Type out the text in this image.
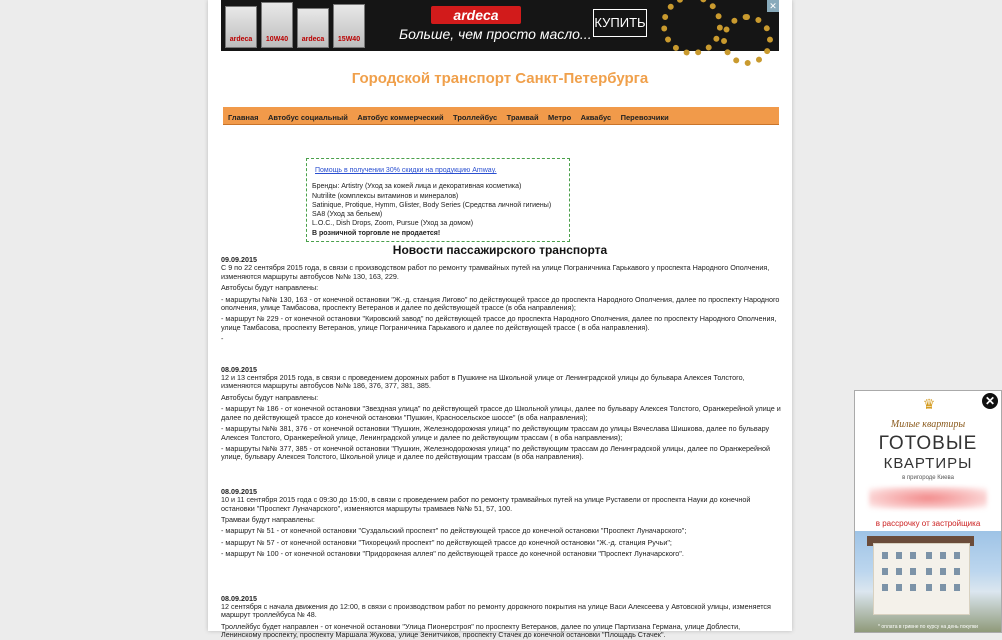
ardeca	10W40	ardeca	15W40
ardeca
Больше, чем просто масло...
КУПИТЬ
✕
Городской транспорт Санкт-Петербурга
Главная Автобус социальный Автобус коммерческий Троллейбус Трамвай Метро Аквабус Перевозчики
Помощь в получении 30% скидки на продукцию Amway.
Бренды: Artistry (Уход за кожей лица и декоративная косметика)
Nutrilite (комплексы витаминов и минералов)
Satinique, Protique, Hymm, Glister, Body Series (Средства личной гигиены)
SA8 (Уход за бельем)
L.O.C., Dish Drops, Zoom, Pursue (Уход за домом)
В розничной торговле не продается!
Новости пассажирского транспорта

09.09.2015

С 9 по 22 сентября 2015 года, в связи с производством работ по ремонту трамвайных путей на улице Пограничника Гарькавого у проспекта Народного Ополчения, изменяются маршруты автобусов №№ 130, 163, 229.

Автобусы будут направлены:

- маршруты №№ 130, 163 - от конечной остановки "Ж.-д. станция Лигово" по действующей трассе до проспекта Народного Ополчения, далее по проспекту Народного ополчения, улице Тамбасова, проспекту Ветеранов и далее по действующей трассе (в оба направления);

- маршрут № 229 - от конечной остановки "Кировский завод" по действующей трассе до проспекта Народного Ополчения, далее по проспекту Народного Ополчения, улице Тамбасова, проспекту Ветеранов, улице Пограничника Гарькавого и далее по действующей трассе ( в оба направления).

-

08.09.2015

12 и 13 сентября 2015 года, в связи с проведением дорожных работ в Пушкине на Школьной улице от Ленинградской улицы до бульвара Алексея Толстого, изменяются маршруты автобусов №№ 186, 376, 377, 381, 385.

Автобусы будут направлены:

- маршрут № 186 - от конечной остановки "Звездная улица" по действующей трассе до Школьной улицы, далее по бульвару Алексея Толстого, Оранжерейной улице и далее по действующей трассе до конечной остановки "Пушкин, Красносельское шоссе" (в оба направления);

- маршруты №№ 381, 376 - от конечной остановки "Пушкин, Железнодорожная улица" по действующим трассам до улицы Вячеслава Шишкова, далее по бульвару Алексея Толстого, Оранжерейной улице, Ленинградской улице и далее по действующим трассам ( в оба направления);

- маршруты №№ 377, 385 - от конечной остановки "Пушкин, Железнодорожная улица" по действующим трассам до Ленинградской улицы, далее по Оранжерейной улице, бульвару Алексея Толстого, Школьной улице и далее по действующим трассам (в оба направления).

08.09.2015

10 и 11 сентября 2015 года с 09:30 до 15:00, в связи с проведением работ по ремонту трамвайных путей на улице Руставели от проспекта Науки до конечной остановки "Проспект Луначарского", изменяются маршруты трамваев №№ 51, 57, 100.

Трамваи будут направлены:

- маршрут № 51 - от конечной остановки "Суздальский проспект" по действующей трассе до конечной остановки "Проспект Луначарского";

- маршрут № 57 - от конечной остановки "Тихорецкий проспект" по действующей трассе до конечной остановки "Ж.-д. станция Ручьи";

- маршрут № 100 - от конечной остановки "Придорожная аллея" по действующей трассе до конечной остановки "Проспект Луначарского".

08.09.2015

12 сентября с начала движения до 12:00, в связи с производством работ по ремонту дорожного покрытия на улице Васи Алексеева у Автовской улицы, изменяется маршрут троллейбуса № 48.

Троллейбус будет направлен - от конечной остановки "Улица Пионерстроя" по проспекту Ветеранов, далее по улице Партизана Германа, улице Доблести, Ленинскому проспекту, проспекту Маршала Жукова, улице Зенитчиков, проспекту Стачек до конечной остановки "Площадь Стачек".

♛
Милые квартиры
ГОТОВЫЕ
КВАРТИРЫ
в пригороде Киева
в рассрочку от застройщика
* оплата в гривне по курсу на день покупки
✕
